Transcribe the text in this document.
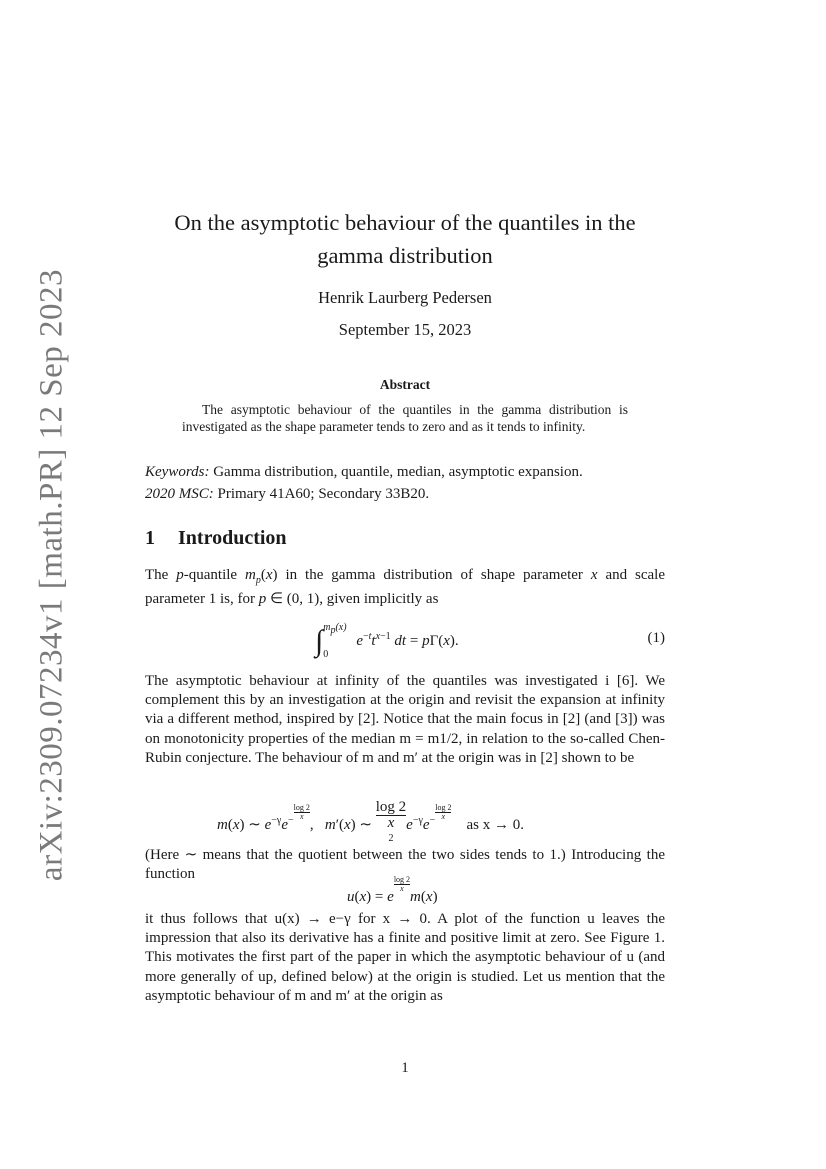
arXiv:2309.07234v1 [math.PR] 12 Sep 2023
On the asymptotic behaviour of the quantiles in the
gamma distribution
Henrik Laurberg Pedersen
September 15, 2023
Abstract
The asymptotic behaviour of the quantiles in the gamma distribution is investigated as the shape parameter tends to zero and as it tends to infinity.
Keywords: Gamma distribution, quantile, median, asymptotic expansion.
2020 MSC: Primary 41A60; Secondary 33B20.
1 Introduction
The p-quantile $m_p(x)$ in the gamma distribution of shape parameter x and scale parameter 1 is, for p ∈ (0, 1), given implicitly as
∫ $m_p(x)$
0
$e^{-t}t^{x-1}$ dt = pΓ(x).	(1)
The asymptotic behaviour at infinity of the quantiles was investigated i [6]. We complement this by an investigation at the origin and revisit the expansion at infinity via a different method, inspired by [2]. Notice that the main focus in [2] (and [3]) was on monotonicity properties of the median m = m1/2, in relation to the so-called Chen-Rubin conjecture. The behaviour of m and m′ at the origin was in [2] shown to be
m(x) ∼ $e^{-\gamma}e^{- \frac{\log 2}{x}}$
,   m′(x) ∼ log 2
x
$^2$ $e^{-\gamma}e^{- \frac{\log 2}{x}}$
as x → 0.
(Here ∼ means that the quotient between the two sides tends to 1.) Introducing the function
u(x) = e
$^{\frac{\log 2}{x}}$
m(x)
it thus follows that u(x) → e−γ for x → 0. A plot of the function u leaves the impression that also its derivative has a finite and positive limit at zero. See Figure 1. This motivates the first part of the paper in which the asymptotic behaviour of u (and more generally of up, defined below) at the origin is studied. Let us mention that the asymptotic behaviour of m and m′ at the origin as
1
